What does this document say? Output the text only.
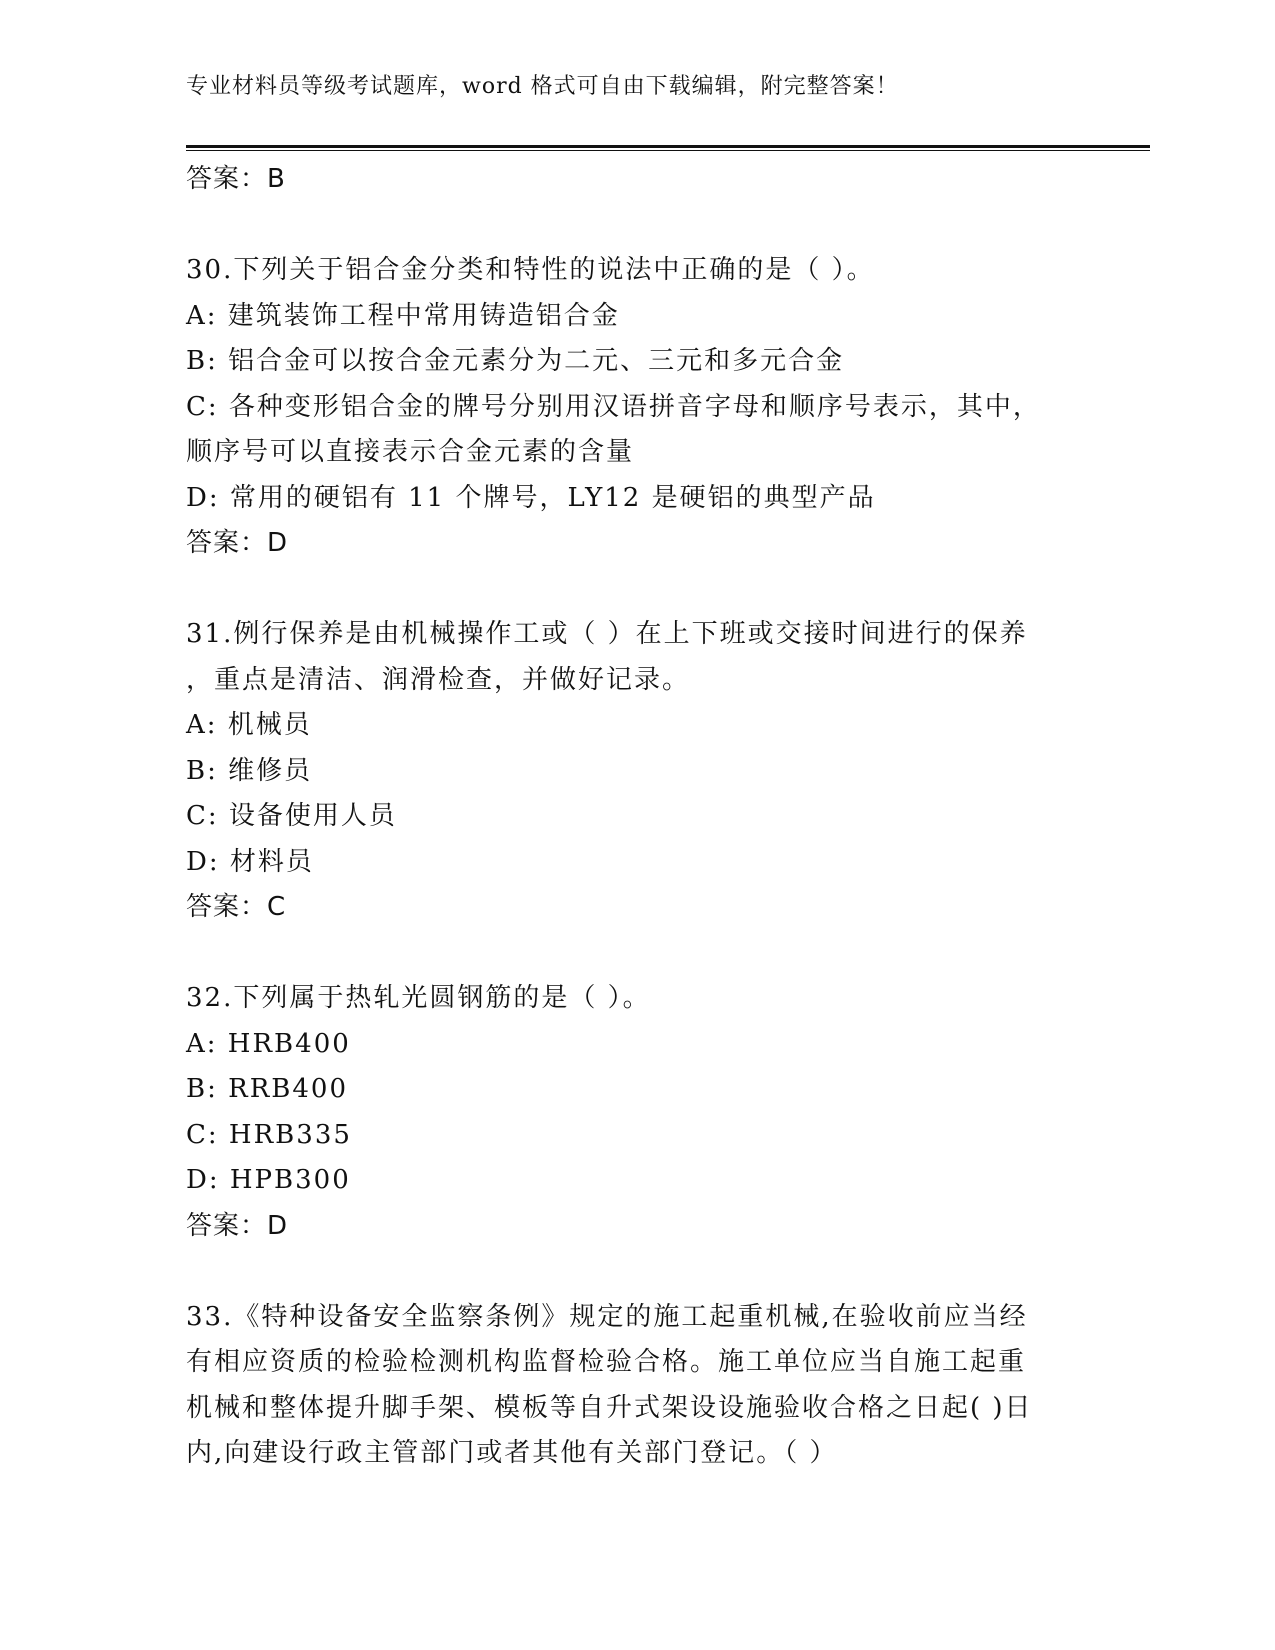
专业材料员等级考试题库，word 格式可自由下载编辑，附完整答案！
答案：B
30.下列关于铝合金分类和特性的说法中正确的是（ ）。
A: 建筑装饰工程中常用铸造铝合金
B: 铝合金可以按合金元素分为二元、三元和多元合金
C: 各种变形铝合金的牌号分别用汉语拼音字母和顺序号表示，其中，
顺序号可以直接表示合金元素的含量
D: 常用的硬铝有 11 个牌号，LY12 是硬铝的典型产品
答案：D
31.例行保养是由机械操作工或（ ）在上下班或交接时间进行的保养
，重点是清洁、润滑检查，并做好记录。
A: 机械员
B: 维修员
C: 设备使用人员
D: 材料员
答案：C
32.下列属于热轧光圆钢筋的是（ ）。
A: HRB400
B: RRB400
C: HRB335
D: HPB300
答案：D
33.《特种设备安全监察条例》规定的施工起重机械,在验收前应当经
有相应资质的检验检测机构监督检验合格。施工单位应当自施工起重
机械和整体提升脚手架、模板等自升式架设设施验收合格之日起( )日
内,向建设行政主管部门或者其他有关部门登记。（ ）
